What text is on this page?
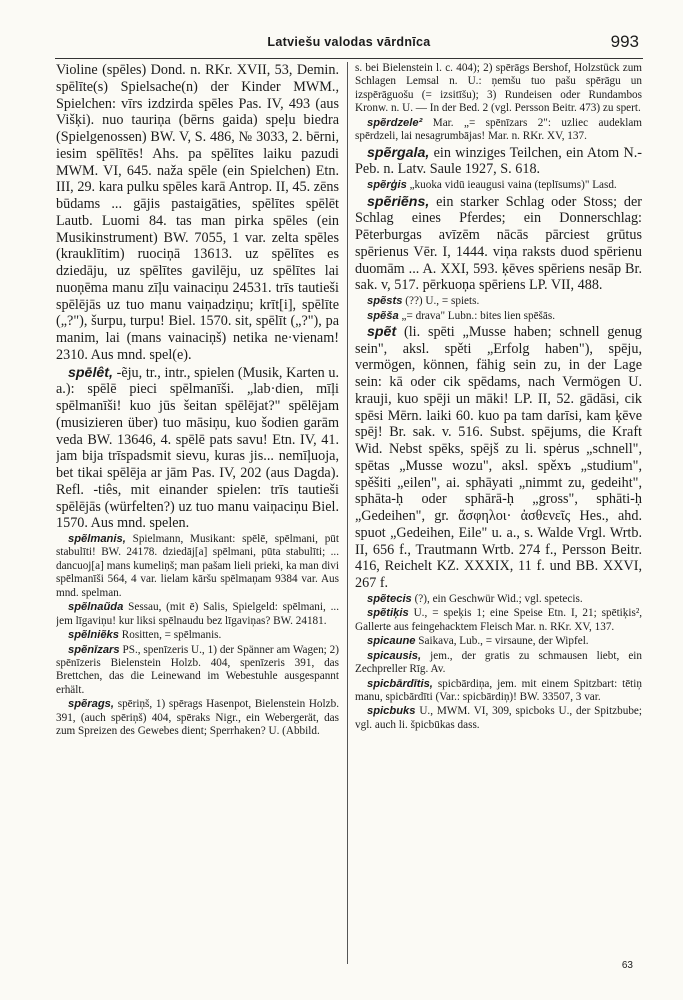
Latviešu valodas vārdnīca	993

Violine (spēles) Dond. n. RKr. XVII, 53, Demin. spēlīte(s) Spielsache(n) der Kinder MWM., Spielchen: vīrs izdzirda spēles Pas. IV, 493 (aus Višķi). nuo tauriņa (bērns gaida) speļu biedra (Spielgenossen) BW. V, S. 486, № 3033, 2. bērni, iesim spēlītēs! Ahs. pa spēlītes laiku pazudi MWM. VI, 645. naža spēle (ein Spielchen) Etn. III, 29. kara pulku spēles karā Antrop. II, 45. zēns būdams ... gājis pastaigāties, spēlītes spēlēt Lautb. Luomi 84. tas man pirka spēles (ein Musikinstrument) BW. 7055, 1 var. zelta spēles (krauklītim) ruociņā 13613. uz spēlītes es dziedāju, uz spēlītes gavilēju, uz spēlītes lai nuoņēma manu zīļu vainaciņu 24531. trīs tautieši spēlējās uz tuo manu vaiņadziņu; krīt[i], spēlīte („?"), šurpu, turpu! Biel. 1570. sit, spēlīt („?"), pa manim, lai (mans vainaciņš) netika ne·vienam! 2310. Aus mnd. spel(e).

spēlêt, -ẽju, tr., intr., spielen (Musik, Karten u. a.): spēlē pieci spēlmanīši. „lab·dien, mīļi spēlmanīši! kuo jūs šeitan spēlējat?" spēlējam (musizieren über) tuo māsiņu, kuo šodien garām veda BW. 13646, 4. spēlē pats savu! Etn. IV, 41. jam bija trīspadsmit sievu, kuras jis... nemīļuoja, bet tikai spēlēja ar jām Pas. IV, 202 (aus Dagda). Refl. -tiês, mit einander spielen: trīs tautieši spēlējās (würfelten?) uz tuo manu vaiņaciņu Biel. 1570. Aus mnd. spelen.

spẽlmanis, Spielmann, Musikant: spēlē, spēlmani, pūt stabulīti! BW. 24178. dziedāj[a] spēlmani, pūta stabulīti; ... dancuoj[a] mans kumeliņš; man pašam lieli prieki, ka man divi spēlmanīši 564, 4 var. lielam kāršu spēlmaņam 9384 var. Aus mnd. spelman.

spẽlnaũda Sessau, (mit ē) Salis, Spielgeld: spēlmani, ... jem līgaviņu! kur liksi spēlnaudu bez līgaviņas? BW. 24181.

spẽlniẽks Rositten, = spēlmanis.

spẽnīzars PS., spenīzeris U., 1) der Spänner am Wagen; 2) spēnīzeris Bielenstein Holzb. 404, spenīzeris 391, das Brettchen, das die Leinewand im Webestuhle ausgespannt erhält.

spẽrags, spēriņš, 1) spērags Hasenpot, Bielenstein Holzb. 391, (auch spēriņš) 404, spēraks Nigr., ein Webergerät, das zum Spreizen des Gewebes dient; Sperrhaken? U. (Abbild.

s. bei Bielenstein l. c. 404); 2) spērāgs Bershof, Holzstück zum Schlagen Lemsal n. U.: ņemšu tuo pašu spērāgu un izspērāguošu (= izsitīšu); 3) Rundeisen oder Rundambos Kronw. n. U. — In der Bed. 2 (vgl. Persson Beitr. 473) zu spert.

spẽrdzele² Mar. „= spēnīzars 2": uzliec audeklam spērdzeli, lai nesagrumbājas! Mar. n. RKr. XV, 137.

spẽrgala, ein winziges Teilchen, ein Atom N.-Peb. n. Latv. Saule 1927, S. 618.

spẽrģis „kuoka vidū ieaugusi vaina (teplīsums)" Lasd.

spẽriẽns, ein starker Schlag oder Stoss; der Schlag eines Pferdes; ein Donnerschlag: Pēterburgas avīzēm nācās pārciest grūtus spērienus Vēr. I, 1444. viņa raksts duod spērienu duomām ... A. XXI, 593. ķēves spēriens nesāp Br. sak. v, 517. pērkuoņa spēriens LP. VII, 488.

spẽsts (??) U., = spiets.

spẽša „= drava" Lubn.: bites lien spēšās.

spẽt (li. spēti „Musse haben; schnell genug sein", aksl. spěti „Erfolg haben"), spēju, vermögen, können, fähig sein zu, in der Lage sein: kā oder cik spēdams, nach Vermögen U. krauji, kuo spēji un māki! LP. II, 52. gādāsi, cik spēsi Mērn. laiki 60. kuo pa tam darīsi, kam ķēve spēj! Br. sak. v. 516. Subst. spējums, die Kraft Wid. Nebst spēks, spējš zu li. spėrus „schnell", spētas „Musse wozu", aksl. spěxъ „studium", spěšiti „eilen", ai. sphāyati „nimmt zu, gedeiht", sphāta-ḥ oder sphārā-ḥ „gross", sphāti-ḥ „Gedeihen", gr. ἄσφηλοι· ἀσθενεῖς Hes., ahd. spuot „Gedeihen, Eile" u. a., s. Walde Vrgl. Wrtb. II, 656 f., Trautmann Wrtb. 274 f., Persson Beitr. 416, Reichelt KZ. XXXIX, 11 f. und BB. XXVI, 267 f.

spẽtecis (?), ein Geschwür Wid.; vgl. spetecis.

spẽtiķis U., = speķis 1; eine Speise Etn. I, 21; spētiķis², Gallerte aus feingehacktem Fleisch Mar. n. RKr. XV, 137.

spicaune Saikava, Lub., = virsaune, der Wipfel.

spicausis, jem., der gratis zu schmausen liebt, ein Zechpreller Rīg. Av.

spicbārdītis, spicbārdiņa, jem. mit einem Spitzbart: tētiņ manu, spicbārdīti (Var.: spicbārdiņ)! BW. 33507, 3 var.

spicbuks U., MWM. VI, 309, spicboks U., der Spitzbube; vgl. auch li. špicbūkas dass.

63
